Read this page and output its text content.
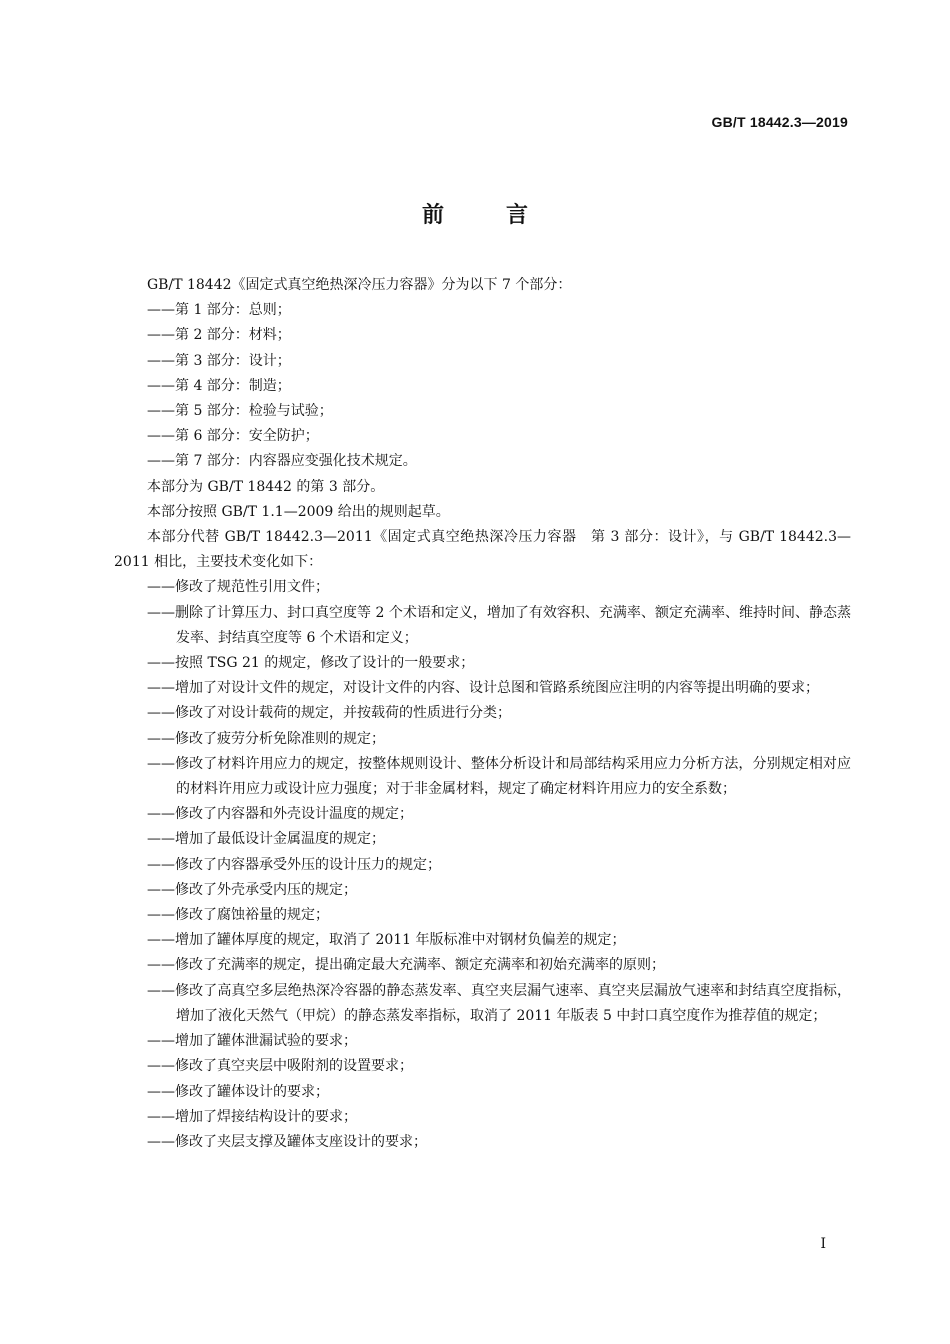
GB/T 18442.3—2019
前言

GB/T 18442《固定式真空绝热深冷压力容器》分为以下 7 个部分：

——第 1 部分：总则；

——第 2 部分：材料；

——第 3 部分：设计；

——第 4 部分：制造；

——第 5 部分：检验与试验；

——第 6 部分：安全防护；

——第 7 部分：内容器应变强化技术规定。

本部分为 GB/T 18442 的第 3 部分。

本部分按照 GB/T 1.1—2009 给出的规则起草。

本部分代替 GB/T 18442.3—2011《固定式真空绝热深冷压力容器　第 3 部分：设计》，与 GB/T 18442.3—2011 相比，主要技术变化如下：

——修改了规范性引用文件；

——删除了计算压力、封口真空度等 2 个术语和定义，增加了有效容积、充满率、额定充满率、维持时间、静态蒸发率、封结真空度等 6 个术语和定义；

——按照 TSG 21 的规定，修改了设计的一般要求；

——增加了对设计文件的规定，对设计文件的内容、设计总图和管路系统图应注明的内容等提出明确的要求；

——修改了对设计载荷的规定，并按载荷的性质进行分类；

——修改了疲劳分析免除准则的规定；

——修改了材料许用应力的规定，按整体规则设计、整体分析设计和局部结构采用应力分析方法，分别规定相对应的材料许用应力或设计应力强度；对于非金属材料，规定了确定材料许用应力的安全系数；

——修改了内容器和外壳设计温度的规定；

——增加了最低设计金属温度的规定；

——修改了内容器承受外压的设计压力的规定；

——修改了外壳承受内压的规定；

——修改了腐蚀裕量的规定；

——增加了罐体厚度的规定，取消了 2011 年版标准中对钢材负偏差的规定；

——修改了充满率的规定，提出确定最大充满率、额定充满率和初始充满率的原则；

——修改了高真空多层绝热深冷容器的静态蒸发率、真空夹层漏气速率、真空夹层漏放气速率和封结真空度指标，增加了液化天然气（甲烷）的静态蒸发率指标，取消了 2011 年版表 5 中封口真空度作为推荐值的规定；

——增加了罐体泄漏试验的要求；

——修改了真空夹层中吸附剂的设置要求；

——修改了罐体设计的要求；

——增加了焊接结构设计的要求；

——修改了夹层支撑及罐体支座设计的要求；

I
